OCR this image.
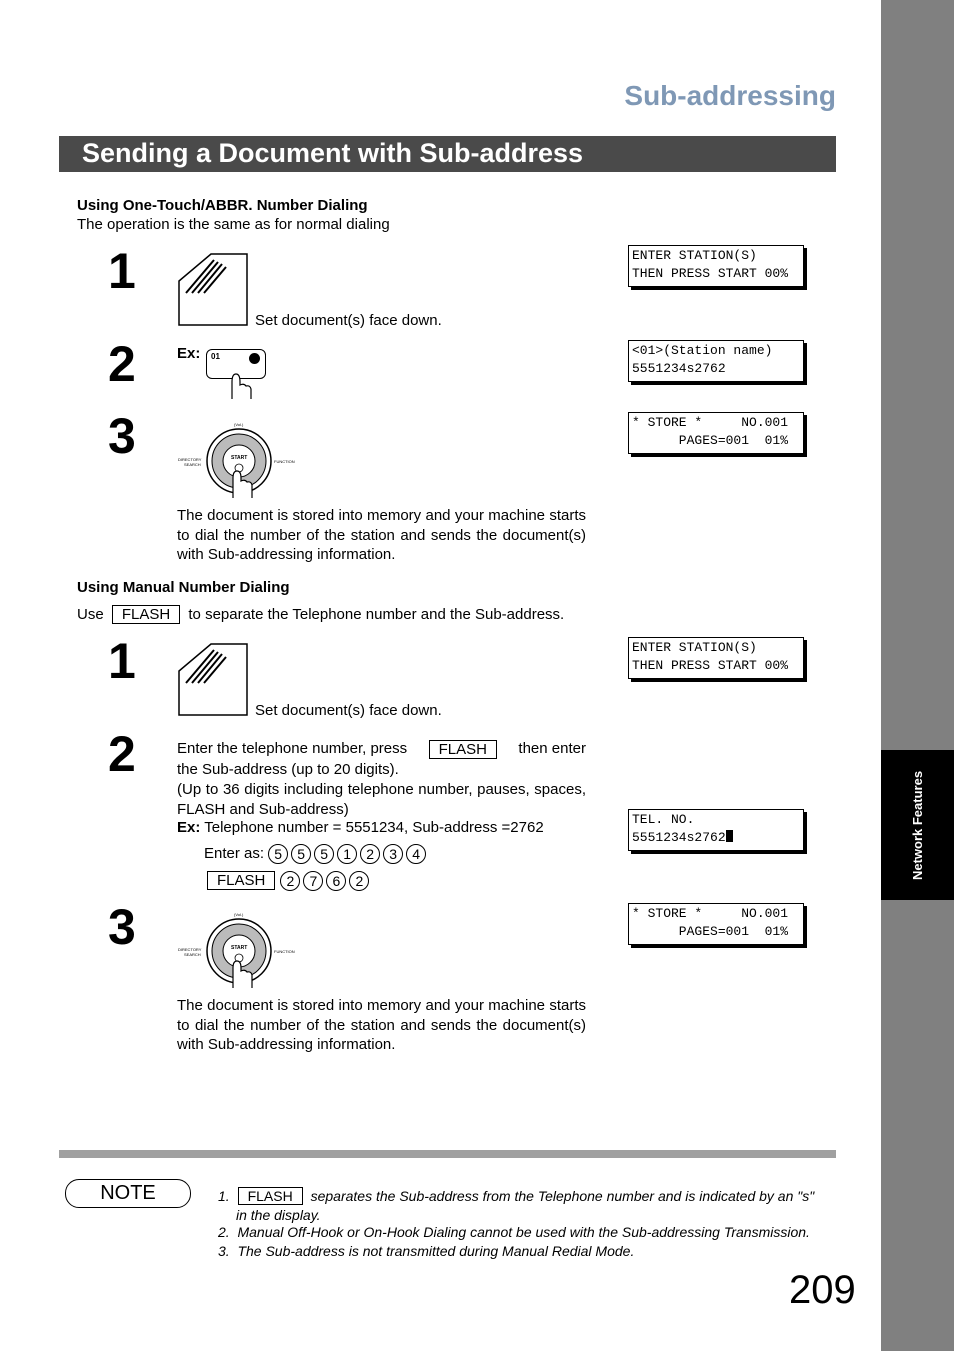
Network Features
Sub-addressing
Sending a Document with Sub-address
Using One-Touch/ABBR. Number Dialing
The operation is the same as for normal dialing
1
Set document(s) face down.
ENTER STATION(S)
THEN PRESS START 00%
2	Ex: 01	<01>(Station name)
5551234s2762
3	(Vol.)
START
DIRECTORY
SEARCH
FUNCTION
* STORE *     NO.001
PAGES=001  01%
The document is stored into memory and your machine starts to dial the number of the station and sends the document(s) with Sub-addressing information.
Using Manual Number Dialing
Use FLASH to separate the Telephone number and the Sub-address.
1
Set document(s) face down.
ENTER STATION(S)
THEN PRESS START 00%
2	Enter the telephone number, press	FLASH	then enter
the Sub-address (up to 20 digits).
(Up to 36 digits including telephone number, pauses, spaces, FLASH and Sub-address)
Ex: Telephone number = 5551234, Sub-address =2762
Enter as: 5 5 5 1 2 3 4
FLASH 2 7 6 2
TEL. NO.
5551234s2762
3	(Vol.)
START
DIRECTORY
SEARCH
FUNCTION
* STORE *     NO.001
PAGES=001  01%
The document is stored into memory and your machine starts to dial the number of the station and sends the document(s) with Sub-addressing information.
NOTE	1. FLASH separates the Sub-address from the Telephone number and is indicated by an "s"
in the display.
2.  Manual Off-Hook or On-Hook Dialing cannot be used with the Sub-addressing Transmission.
3.  The Sub-address is not transmitted during Manual Redial Mode.
209
